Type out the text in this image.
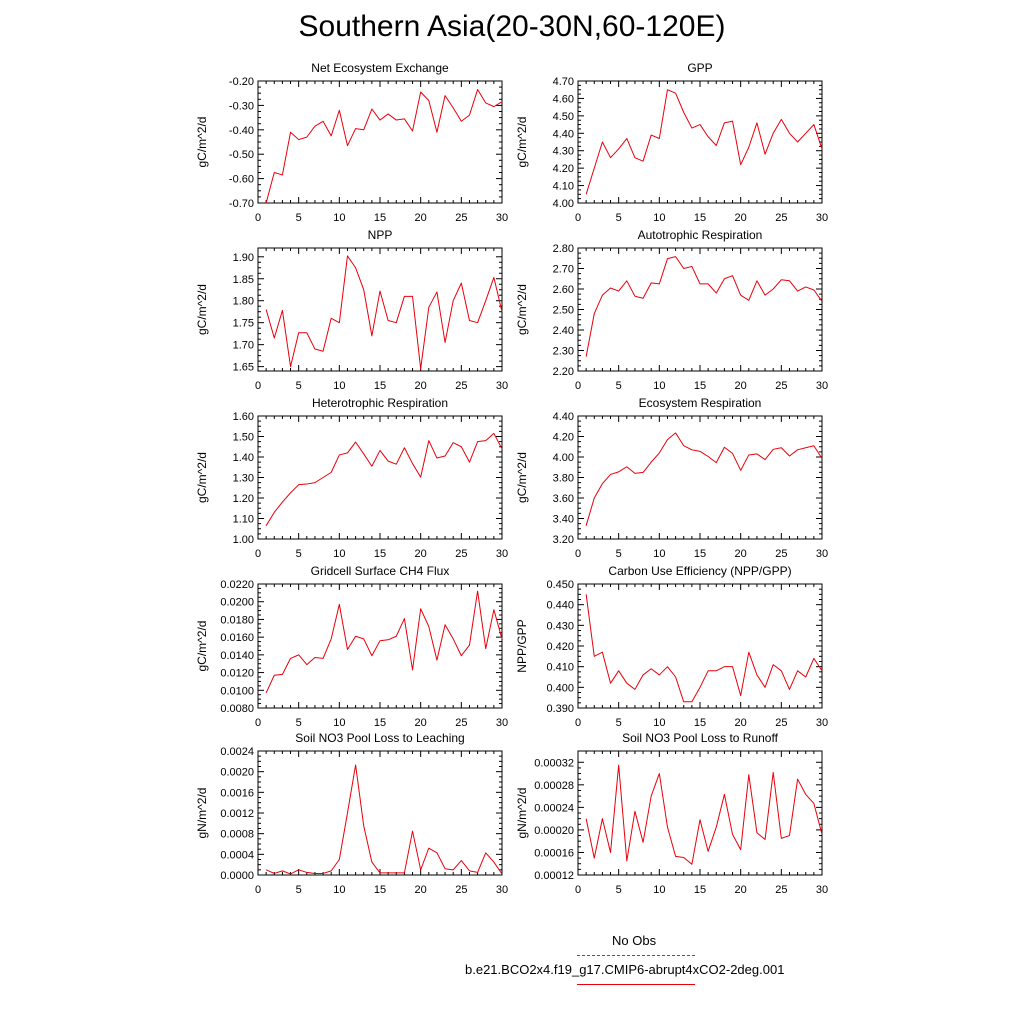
Southern Asia(20-30N,60-120E)
Net Ecosystem Exchange
gC/m^2/d
0	5	10	15	20	25	30
-0.70
-0.60
-0.50
-0.40
-0.30
-0.20
GPP
gC/m^2/d
0	5	10	15	20	25	30
4.00
4.10
4.20
4.30
4.40
4.50
4.60
4.70
NPP
gC/m^2/d
0	5	10	15	20	25	30
1.65
1.70
1.75
1.80
1.85
1.90
Autotrophic Respiration
gC/m^2/d
0	5	10	15	20	25	30
2.20
2.30
2.40
2.50
2.60
2.70
2.80
Heterotrophic Respiration
gC/m^2/d
0	5	10	15	20	25	30
1.00
1.10
1.20
1.30
1.40
1.50
1.60
Ecosystem Respiration
gC/m^2/d
0	5	10	15	20	25	30
3.20
3.40
3.60
3.80
4.00
4.20
4.40
Gridcell Surface CH4 Flux
gC/m^2/d
0	5	10	15	20	25	30
0.0080
0.0100
0.0120
0.0140
0.0160
0.0180
0.0200
0.0220
Carbon Use Efficiency (NPP/GPP)
NPP/GPP
0	5	10	15	20	25	30
0.390
0.400
0.410
0.420
0.430
0.440
0.450
Soil NO3 Pool Loss to Leaching
gN/m^2/d
0	5	10	15	20	25	30
0.0000
0.0004
0.0008
0.0012
0.0016
0.0020
0.0024
Soil NO3 Pool Loss to Runoff
gN/m^2/d
0	5	10	15	20	25	30
0.00012
0.00016
0.00020
0.00024
0.00028
0.00032
No Obs
b.e21.BCO2x4.f19_g17.CMIP6-abrupt4xCO2-2deg.001
